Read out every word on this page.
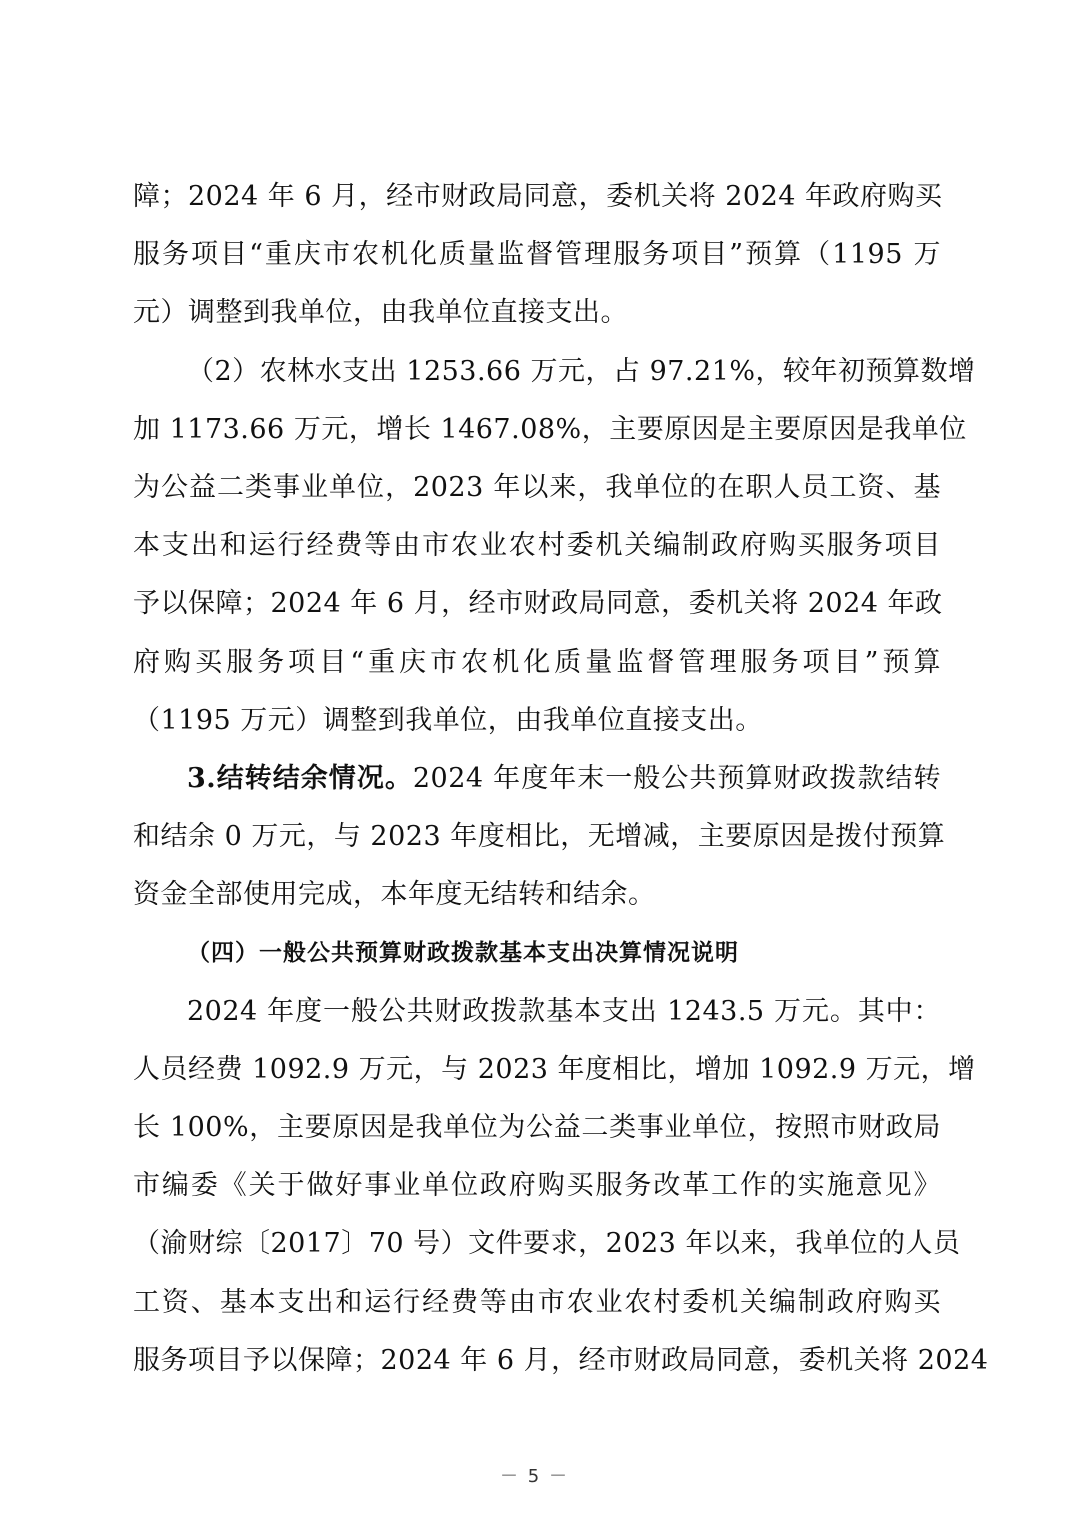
障；2024 年 6 月，经市财政局同意，委机关将 2024 年政府购买
服务项目“重庆市农机化质量监督管理服务项目”预算（1195 万
元）调整到我单位，由我单位直接支出。
（2）农林水支出 1253.66 万元，占 97.21%，较年初预算数增
加 1173.66 万元，增长 1467.08%，主要原因是主要原因是我单位
为公益二类事业单位，2023 年以来，我单位的在职人员工资、基
本支出和运行经费等由市农业农村委机关编制政府购买服务项目
予以保障；2024 年 6 月，经市财政局同意，委机关将 2024 年政
府购买服务项目“重庆市农机化质量监督管理服务项目”预算
（1195 万元）调整到我单位，由我单位直接支出。
3.结转结余情况。2024 年度年末一般公共预算财政拨款结转
和结余 0 万元，与 2023 年度相比，无增减，主要原因是拨付预算
资金全部使用完成，本年度无结转和结余。
（四）一般公共预算财政拨款基本支出决算情况说明
2024 年度一般公共财政拨款基本支出 1243.5 万元。其中：
人员经费 1092.9 万元，与 2023 年度相比，增加 1092.9 万元，增
长 100%，主要原因是我单位为公益二类事业单位，按照市财政局
市编委《关于做好事业单位政府购买服务改革工作的实施意见》
（渝财综〔2017〕70 号）文件要求，2023 年以来，我单位的人员
工资、基本支出和运行经费等由市农业农村委机关编制政府购买
服务项目予以保障；2024 年 6 月，经市财政局同意，委机关将 2024
－ 5 －
